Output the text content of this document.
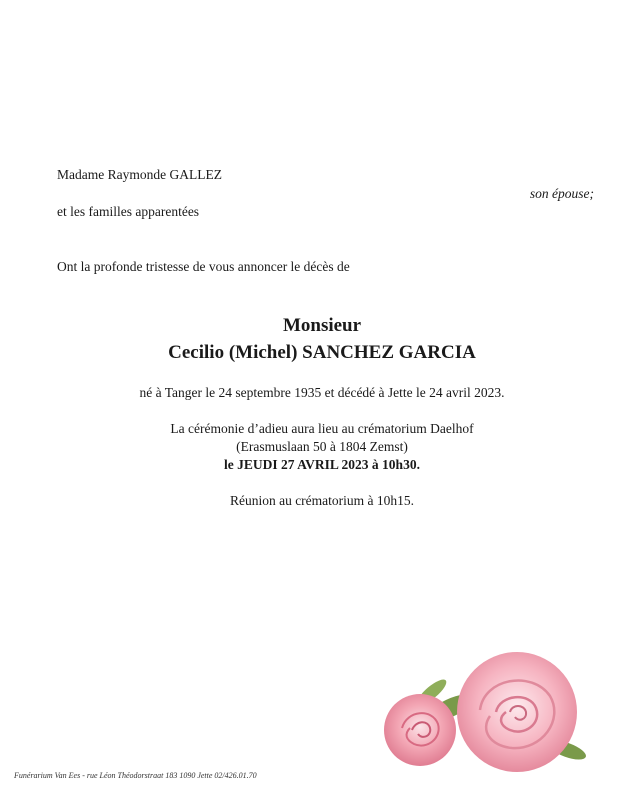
Madame Raymonde GALLEZ
son épouse;
et les familles apparentées
Ont la profonde tristesse de vous annoncer le décès de
Monsieur
Cecilio (Michel) SANCHEZ GARCIA
né à Tanger le 24 septembre 1935 et décédé à Jette le 24 avril 2023.
La cérémonie d’adieu aura lieu au crématorium Daelhof
(Erasmuslaan 50 à 1804 Zemst)
le JEUDI 27 AVRIL 2023 à 10h30.
Réunion au crématorium à 10h15.
Funérarium Van Ees - rue Léon Théodorstraat 183 1090 Jette 02/426.01.70
